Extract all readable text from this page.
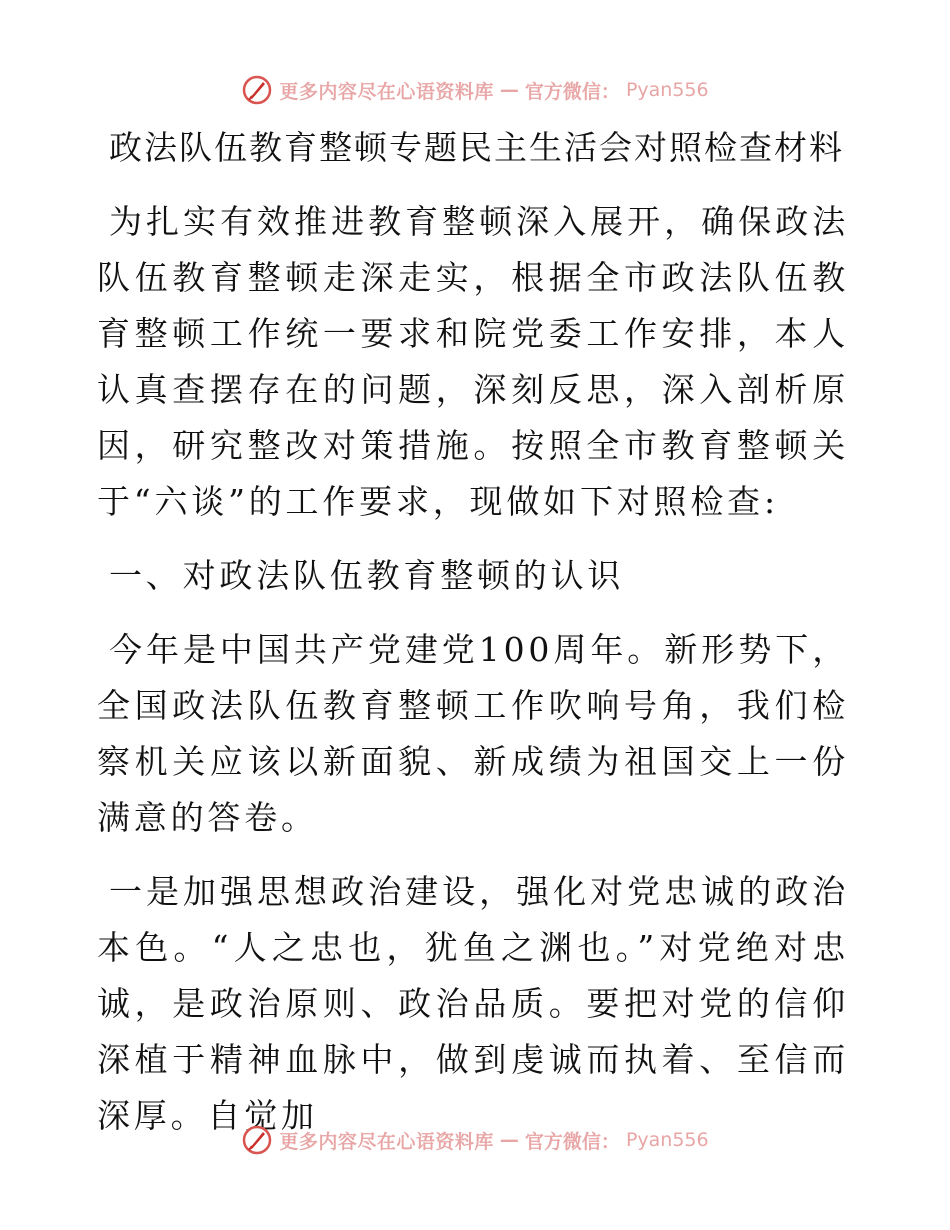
更多内容尽在心语资料库 — 官方微信： Pyan556
政法队伍教育整顿专题民主生活会对照检查材料

为扎实有效推进教育整顿深入展开，确保政法队伍教育整顿走深走实，根据全市政法队伍教育整顿工作统一要求和院党委工作安排，本人认真查摆存在的问题，深刻反思，深入剖析原因，研究整改对策措施。按照全市教育整顿关于“六谈”的工作要求，现做如下对照检查:

一、对政法队伍教育整顿的认识

今年是中国共产党建党100周年。新形势下，全国政法队伍教育整顿工作吹响号角，我们检察机关应该以新面貌、新成绩为祖国交上一份满意的答卷。

一是加强思想政治建设，强化对党忠诚的政治本色。“人之忠也，犹鱼之渊也。”对党绝对忠诚，是政治原则、政治品质。要把对党的信仰深植于精神血脉中，做到虔诚而执着、至信而深厚。自觉加

更多内容尽在心语资料库 — 官方微信： Pyan556
